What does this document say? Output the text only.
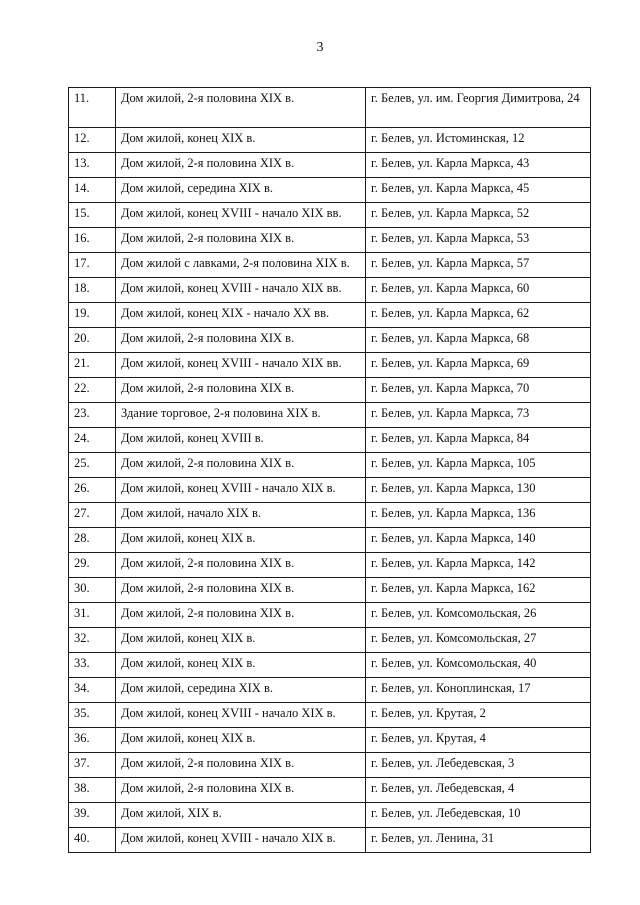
3
11.	Дом жилой, 2-я половина XIX в.	г. Белев, ул. им. Георгия Димитрова, 24
12.	Дом жилой, конец XIX в.	г. Белев, ул. Истоминская, 12
13.	Дом жилой, 2-я половина XIX в.	г. Белев, ул. Карла Маркса, 43
14.	Дом жилой, середина XIX в.	г. Белев, ул. Карла Маркса, 45
15.	Дом жилой, конец XVIII - начало XIX вв.	г. Белев, ул. Карла Маркса, 52
16.	Дом жилой, 2-я половина XIX в.	г. Белев, ул. Карла Маркса, 53
17.	Дом жилой с лавками, 2-я половина XIX в.	г. Белев, ул. Карла Маркса, 57
18.	Дом жилой, конец XVIII - начало XIX вв.	г. Белев, ул. Карла Маркса, 60
19.	Дом жилой, конец XIX - начало XX вв.	г. Белев, ул. Карла Маркса, 62
20.	Дом жилой, 2-я половина XIX в.	г. Белев, ул. Карла Маркса, 68
21.	Дом жилой, конец XVIII - начало XIX вв.	г. Белев, ул. Карла Маркса, 69
22.	Дом жилой, 2-я половина XIX в.	г. Белев, ул. Карла Маркса, 70
23.	Здание торговое, 2-я половина XIX в.	г. Белев, ул. Карла Маркса, 73
24.	Дом жилой, конец XVIII в.	г. Белев, ул. Карла Маркса, 84
25.	Дом жилой, 2-я половина XIX в.	г. Белев, ул. Карла Маркса, 105
26.	Дом жилой, конец XVIII - начало XIX в.	г. Белев, ул. Карла Маркса, 130
27.	Дом жилой, начало XIX в.	г. Белев, ул. Карла Маркса, 136
28.	Дом жилой, конец XIX в.	г. Белев, ул. Карла Маркса, 140
29.	Дом жилой, 2-я половина XIX в.	г. Белев, ул. Карла Маркса, 142
30.	Дом жилой, 2-я половина XIX в.	г. Белев, ул. Карла Маркса, 162
31.	Дом жилой, 2-я половина XIX в.	г. Белев, ул. Комсомольская, 26
32.	Дом жилой, конец XIX в.	г. Белев, ул. Комсомольская, 27
33.	Дом жилой, конец XIX в.	г. Белев, ул. Комсомольская, 40
34.	Дом жилой, середина XIX в.	г. Белев, ул. Коноплинская, 17
35.	Дом жилой, конец XVIII - начало XIX в.	г. Белев, ул. Крутая, 2
36.	Дом жилой, конец XIX в.	г. Белев, ул. Крутая, 4
37.	Дом жилой, 2-я половина XIX в.	г. Белев, ул. Лебедевская, 3
38.	Дом жилой, 2-я половина XIX в.	г. Белев, ул. Лебедевская, 4
39.	Дом жилой, XIX в.	г. Белев, ул. Лебедевская, 10
40.	Дом жилой, конец XVIII - начало XIX в.	г. Белев, ул. Ленина, 31
